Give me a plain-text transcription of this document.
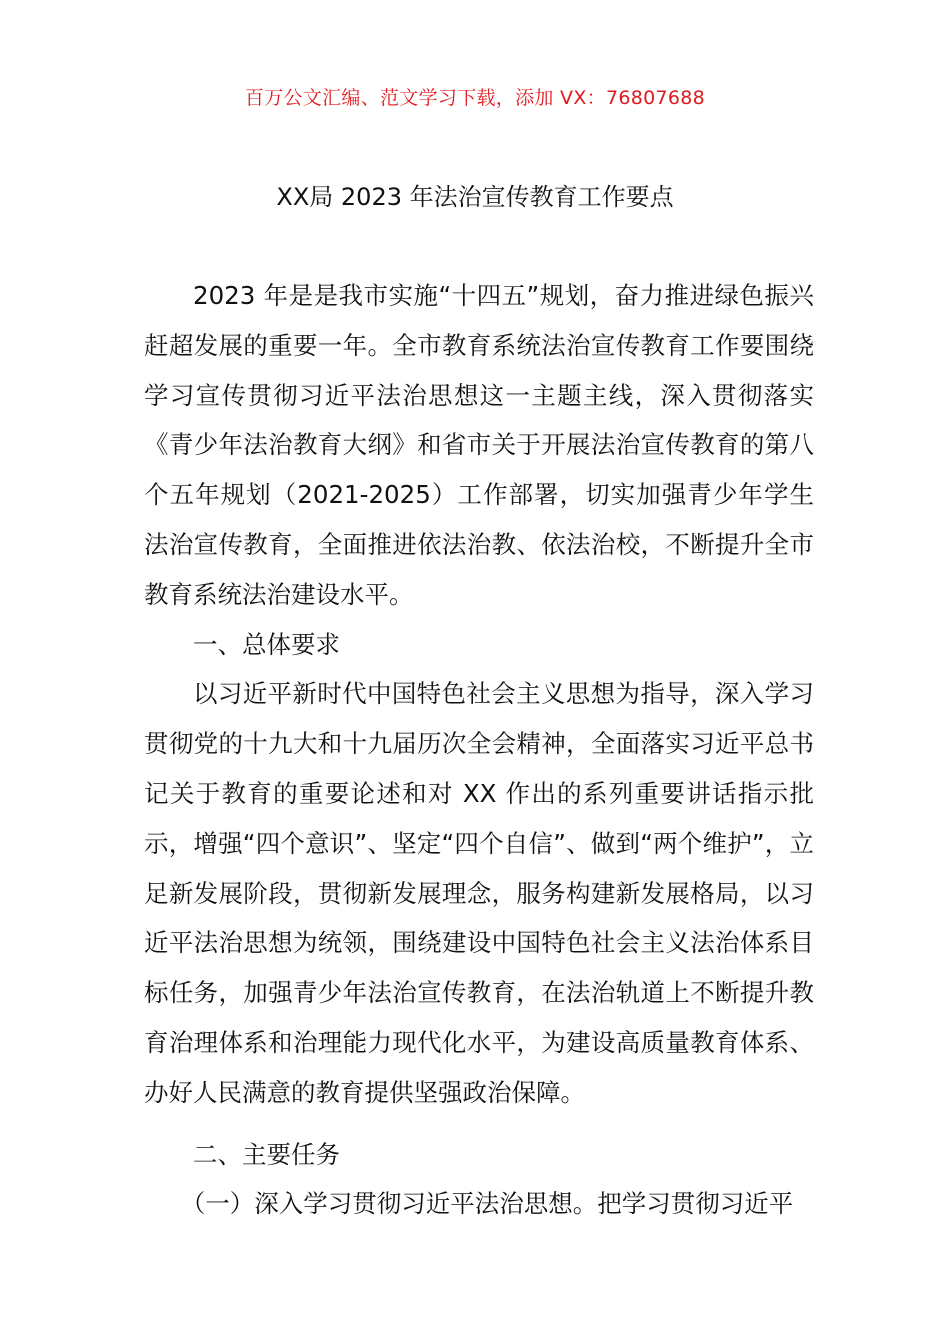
百万公文汇编、范文学习下载，添加 VX：76807688
XX局 2023 年法治宣传教育工作要点

2023 年是是我市实施“十四五”规划，奋力推进绿色振兴赶超发展的重要一年。全市教育系统法治宣传教育工作要围绕学习宣传贯彻习近平法治思想这一主题主线，深入贯彻落实《青少年法治教育大纲》和省市关于开展法治宣传教育的第八个五年规划（2021-2025）工作部署，切实加强青少年学生法治宣传教育，全面推进依法治教、依法治校，不断提升全市教育系统法治建设水平。

一、总体要求

以习近平新时代中国特色社会主义思想为指导，深入学习贯彻党的十九大和十九届历次全会精神，全面落实习近平总书记关于教育的重要论述和对 XX 作出的系列重要讲话指示批示，增强“四个意识”、坚定“四个自信”、做到“两个维护”，立足新发展阶段，贯彻新发展理念，服务构建新发展格局，以习近平法治思想为统领，围绕建设中国特色社会主义法治体系目标任务，加强青少年法治宣传教育，在法治轨道上不断提升教育治理体系和治理能力现代化水平，为建设高质量教育体系、办好人民满意的教育提供坚强政治保障。

二、主要任务

（一）深入学习贯彻习近平法治思想。把学习贯彻习近平
